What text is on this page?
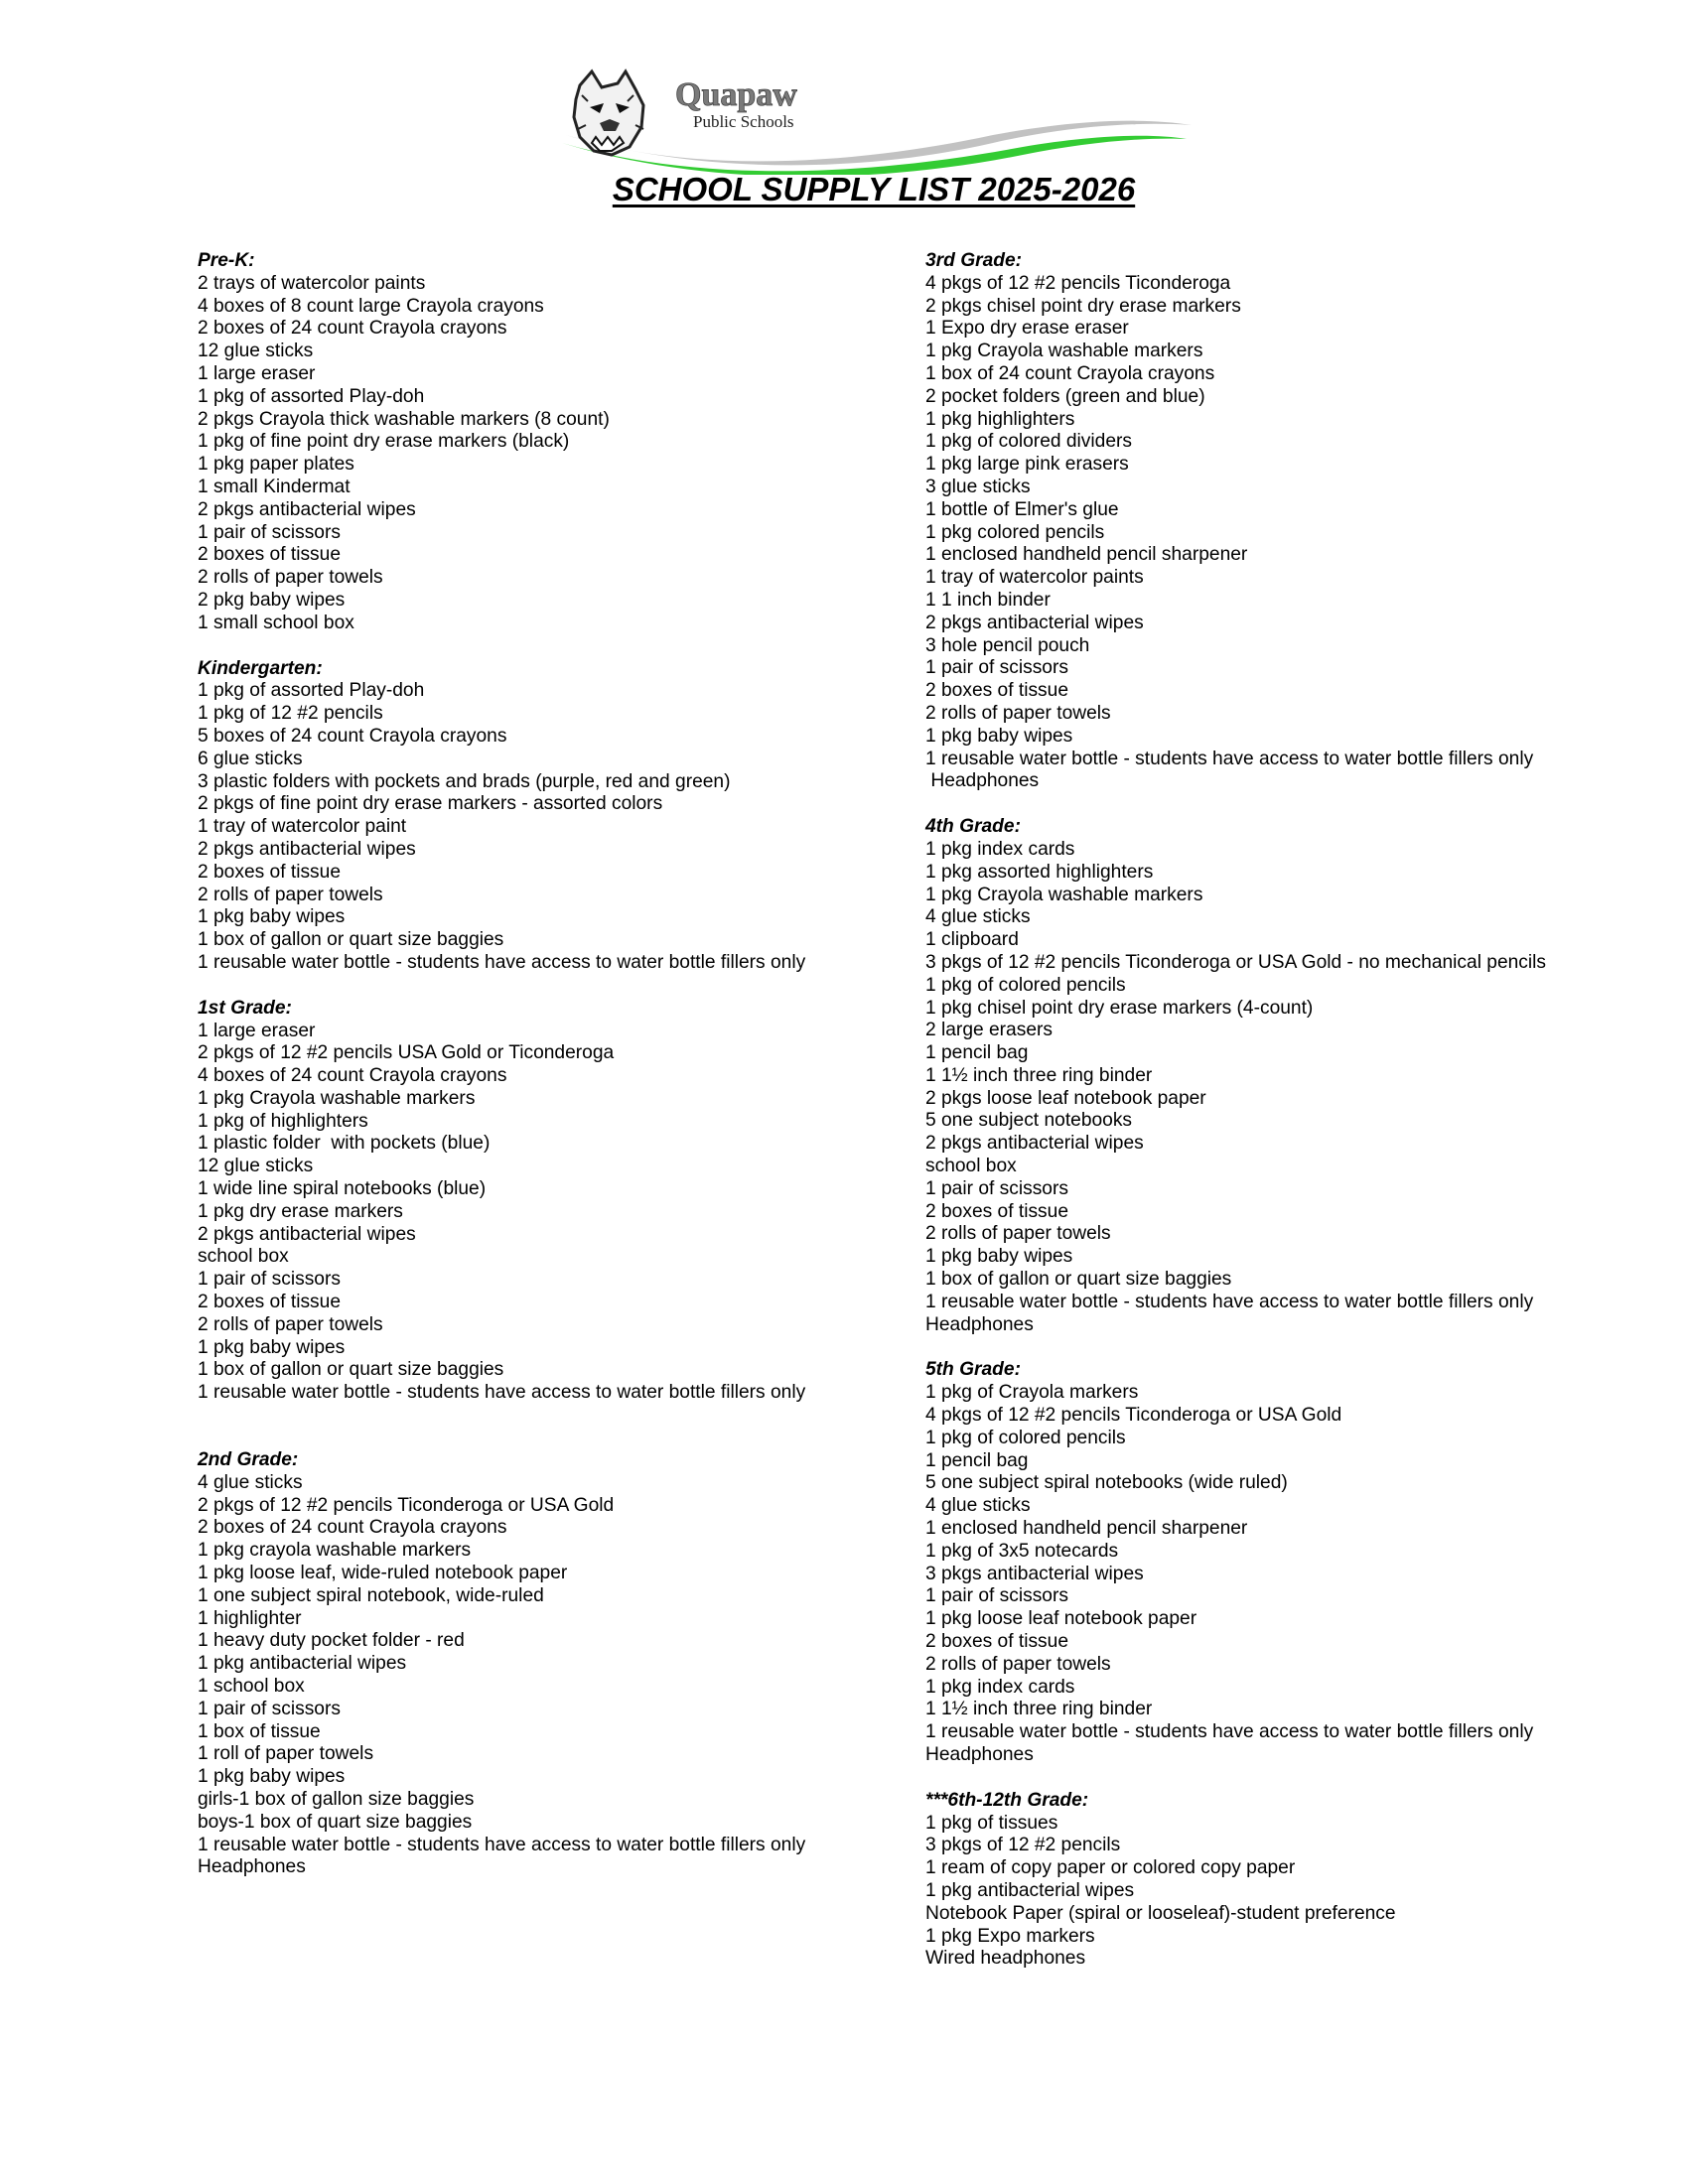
Quapaw
Public Schools
SCHOOL SUPPLY LIST 2025-2026
Pre-K:
2 trays of watercolor paints
4 boxes of 8 count large Crayola crayons
2 boxes of 24 count Crayola crayons
12 glue sticks
1 large eraser
1 pkg of assorted Play-doh
2 pkgs Crayola thick washable markers (8 count)
1 pkg of fine point dry erase markers (black)
1 pkg paper plates
1 small Kindermat
2 pkgs antibacterial wipes
1 pair of scissors
2 boxes of tissue
2 rolls of paper towels
2 pkg baby wipes
1 small school box
Kindergarten:
1 pkg of assorted Play-doh
1 pkg of 12 #2 pencils
5 boxes of 24 count Crayola crayons
6 glue sticks
3 plastic folders with pockets and brads (purple, red and green)
2 pkgs of fine point dry erase markers - assorted colors
1 tray of watercolor paint
2 pkgs antibacterial wipes
2 boxes of tissue
2 rolls of paper towels
1 pkg baby wipes
1 box of gallon or quart size baggies
1 reusable water bottle - students have access to water bottle fillers only
1st Grade:
1 large eraser
2 pkgs of 12 #2 pencils USA Gold or Ticonderoga
4 boxes of 24 count Crayola crayons
1 pkg Crayola washable markers
1 pkg of highlighters
1 plastic folder  with pockets (blue)
12 glue sticks
1 wide line spiral notebooks (blue)
1 pkg dry erase markers
2 pkgs antibacterial wipes
school box
1 pair of scissors
2 boxes of tissue
2 rolls of paper towels
1 pkg baby wipes
1 box of gallon or quart size baggies
1 reusable water bottle - students have access to water bottle fillers only
2nd Grade:
4 glue sticks
2 pkgs of 12 #2 pencils Ticonderoga or USA Gold
2 boxes of 24 count Crayola crayons
1 pkg crayola washable markers
1 pkg loose leaf, wide-ruled notebook paper
1 one subject spiral notebook, wide-ruled
1 highlighter
1 heavy duty pocket folder - red
1 pkg antibacterial wipes
1 school box
1 pair of scissors
1 box of tissue
1 roll of paper towels
1 pkg baby wipes
girls-1 box of gallon size baggies
boys-1 box of quart size baggies
1 reusable water bottle - students have access to water bottle fillers only
Headphones
3rd Grade:
4 pkgs of 12 #2 pencils Ticonderoga
2 pkgs chisel point dry erase markers
1 Expo dry erase eraser
1 pkg Crayola washable markers
1 box of 24 count Crayola crayons
2 pocket folders (green and blue)
1 pkg highlighters
1 pkg of colored dividers
1 pkg large pink erasers
3 glue sticks
1 bottle of Elmer's glue
1 pkg colored pencils
1 enclosed handheld pencil sharpener
1 tray of watercolor paints
1 1 inch binder
2 pkgs antibacterial wipes
3 hole pencil pouch
1 pair of scissors
2 boxes of tissue
2 rolls of paper towels
1 pkg baby wipes
1 reusable water bottle - students have access to water bottle fillers only
Headphones
4th Grade:
1 pkg index cards
1 pkg assorted highlighters
1 pkg Crayola washable markers
4 glue sticks
1 clipboard
3 pkgs of 12 #2 pencils Ticonderoga or USA Gold - no mechanical pencils
1 pkg of colored pencils
1 pkg chisel point dry erase markers (4-count)
2 large erasers
1 pencil bag
1 1½ inch three ring binder
2 pkgs loose leaf notebook paper
5 one subject notebooks
2 pkgs antibacterial wipes
school box
1 pair of scissors
2 boxes of tissue
2 rolls of paper towels
1 pkg baby wipes
1 box of gallon or quart size baggies
1 reusable water bottle - students have access to water bottle fillers only
Headphones
5th Grade:
1 pkg of Crayola markers
4 pkgs of 12 #2 pencils Ticonderoga or USA Gold
1 pkg of colored pencils
1 pencil bag
5 one subject spiral notebooks (wide ruled)
4 glue sticks
1 enclosed handheld pencil sharpener
1 pkg of 3x5 notecards
3 pkgs antibacterial wipes
1 pair of scissors
1 pkg loose leaf notebook paper
2 boxes of tissue
2 rolls of paper towels
1 pkg index cards
1 1½ inch three ring binder
1 reusable water bottle - students have access to water bottle fillers only
Headphones
***6th-12th Grade:
1 pkg of tissues
3 pkgs of 12 #2 pencils
1 ream of copy paper or colored copy paper
1 pkg antibacterial wipes
Notebook Paper (spiral or looseleaf)-student preference
1 pkg Expo markers
Wired headphones
